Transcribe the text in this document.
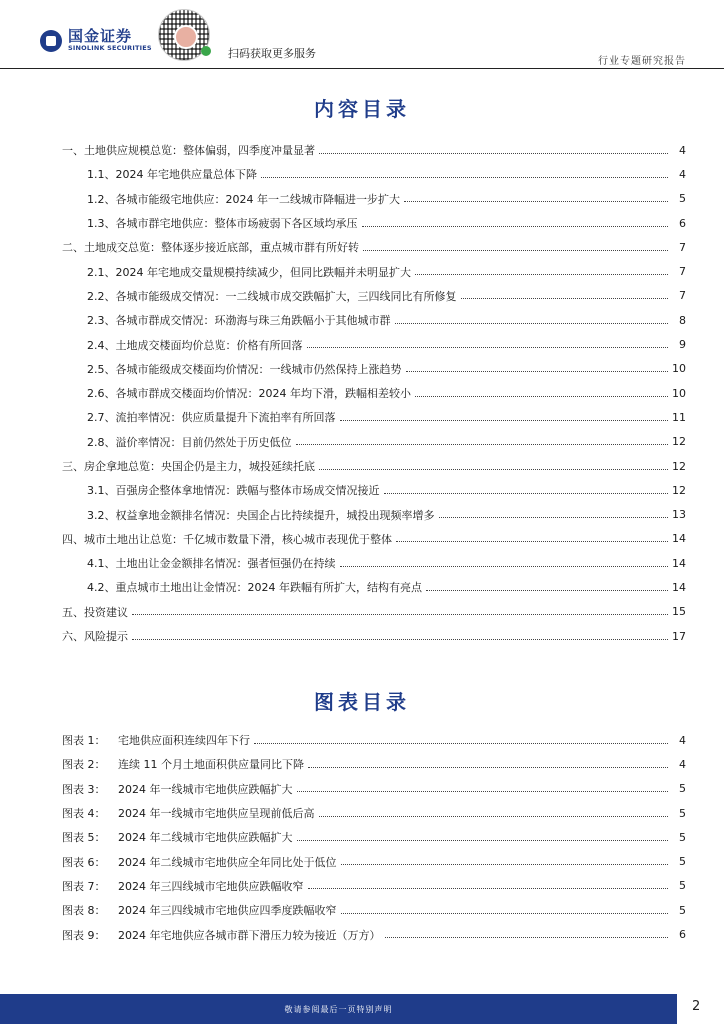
国金证券
SINOLINK SECURITIES	扫码获取更多服务
行业专题研究报告
内容目录
一、土地供应规模总览：整体偏弱，四季度冲量显著	4
1.1、2024 年宅地供应量总体下降	4
1.2、各城市能级宅地供应：2024 年一二线城市降幅进一步扩大	5
1.3、各城市群宅地供应：整体市场疲弱下各区域均承压	6
二、土地成交总览：整体逐步接近底部，重点城市群有所好转	7
2.1、2024 年宅地成交量规模持续减少，但同比跌幅并未明显扩大	7
2.2、各城市能级成交情况：一二线城市成交跌幅扩大，三四线同比有所修复	7
2.3、各城市群成交情况：环渤海与珠三角跌幅小于其他城市群	8
2.4、土地成交楼面均价总览：价格有所回落	9
2.5、各城市能级成交楼面均价情况：一线城市仍然保持上涨趋势	10
2.6、各城市群成交楼面均价情况：2024 年均下滑，跌幅相差较小	10
2.7、流拍率情况：供应质量提升下流拍率有所回落	11
2.8、溢价率情况：目前仍然处于历史低位	12
三、房企拿地总览：央国企仍是主力，城投延续托底	12
3.1、百强房企整体拿地情况：跌幅与整体市场成交情况接近	12
3.2、权益拿地金额排名情况：央国企占比持续提升，城投出现频率增多	13
四、城市土地出让总览：千亿城市数量下滑，核心城市表现优于整体	14
4.1、土地出让金金额排名情况：强者恒强仍在持续	14
4.2、重点城市土地出让金情况：2024 年跌幅有所扩大，结构有亮点	14
五、投资建议	15
六、风险提示	17
图表目录
图表 1：	宅地供应面积连续四年下行	4
图表 2：	连续 11 个月土地面积供应量同比下降	4
图表 3：	2024 年一线城市宅地供应跌幅扩大	5
图表 4：	2024 年一线城市宅地供应呈现前低后高	5
图表 5：	2024 年二线城市宅地供应跌幅扩大	5
图表 6：	2024 年二线城市宅地供应全年同比处于低位	5
图表 7：	2024 年三四线城市宅地供应跌幅收窄	5
图表 8：	2024 年三四线城市宅地供应四季度跌幅收窄	5
图表 9：	2024 年宅地供应各城市群下滑压力较为接近（万方）	6
敬请参阅最后一页特别声明	2
